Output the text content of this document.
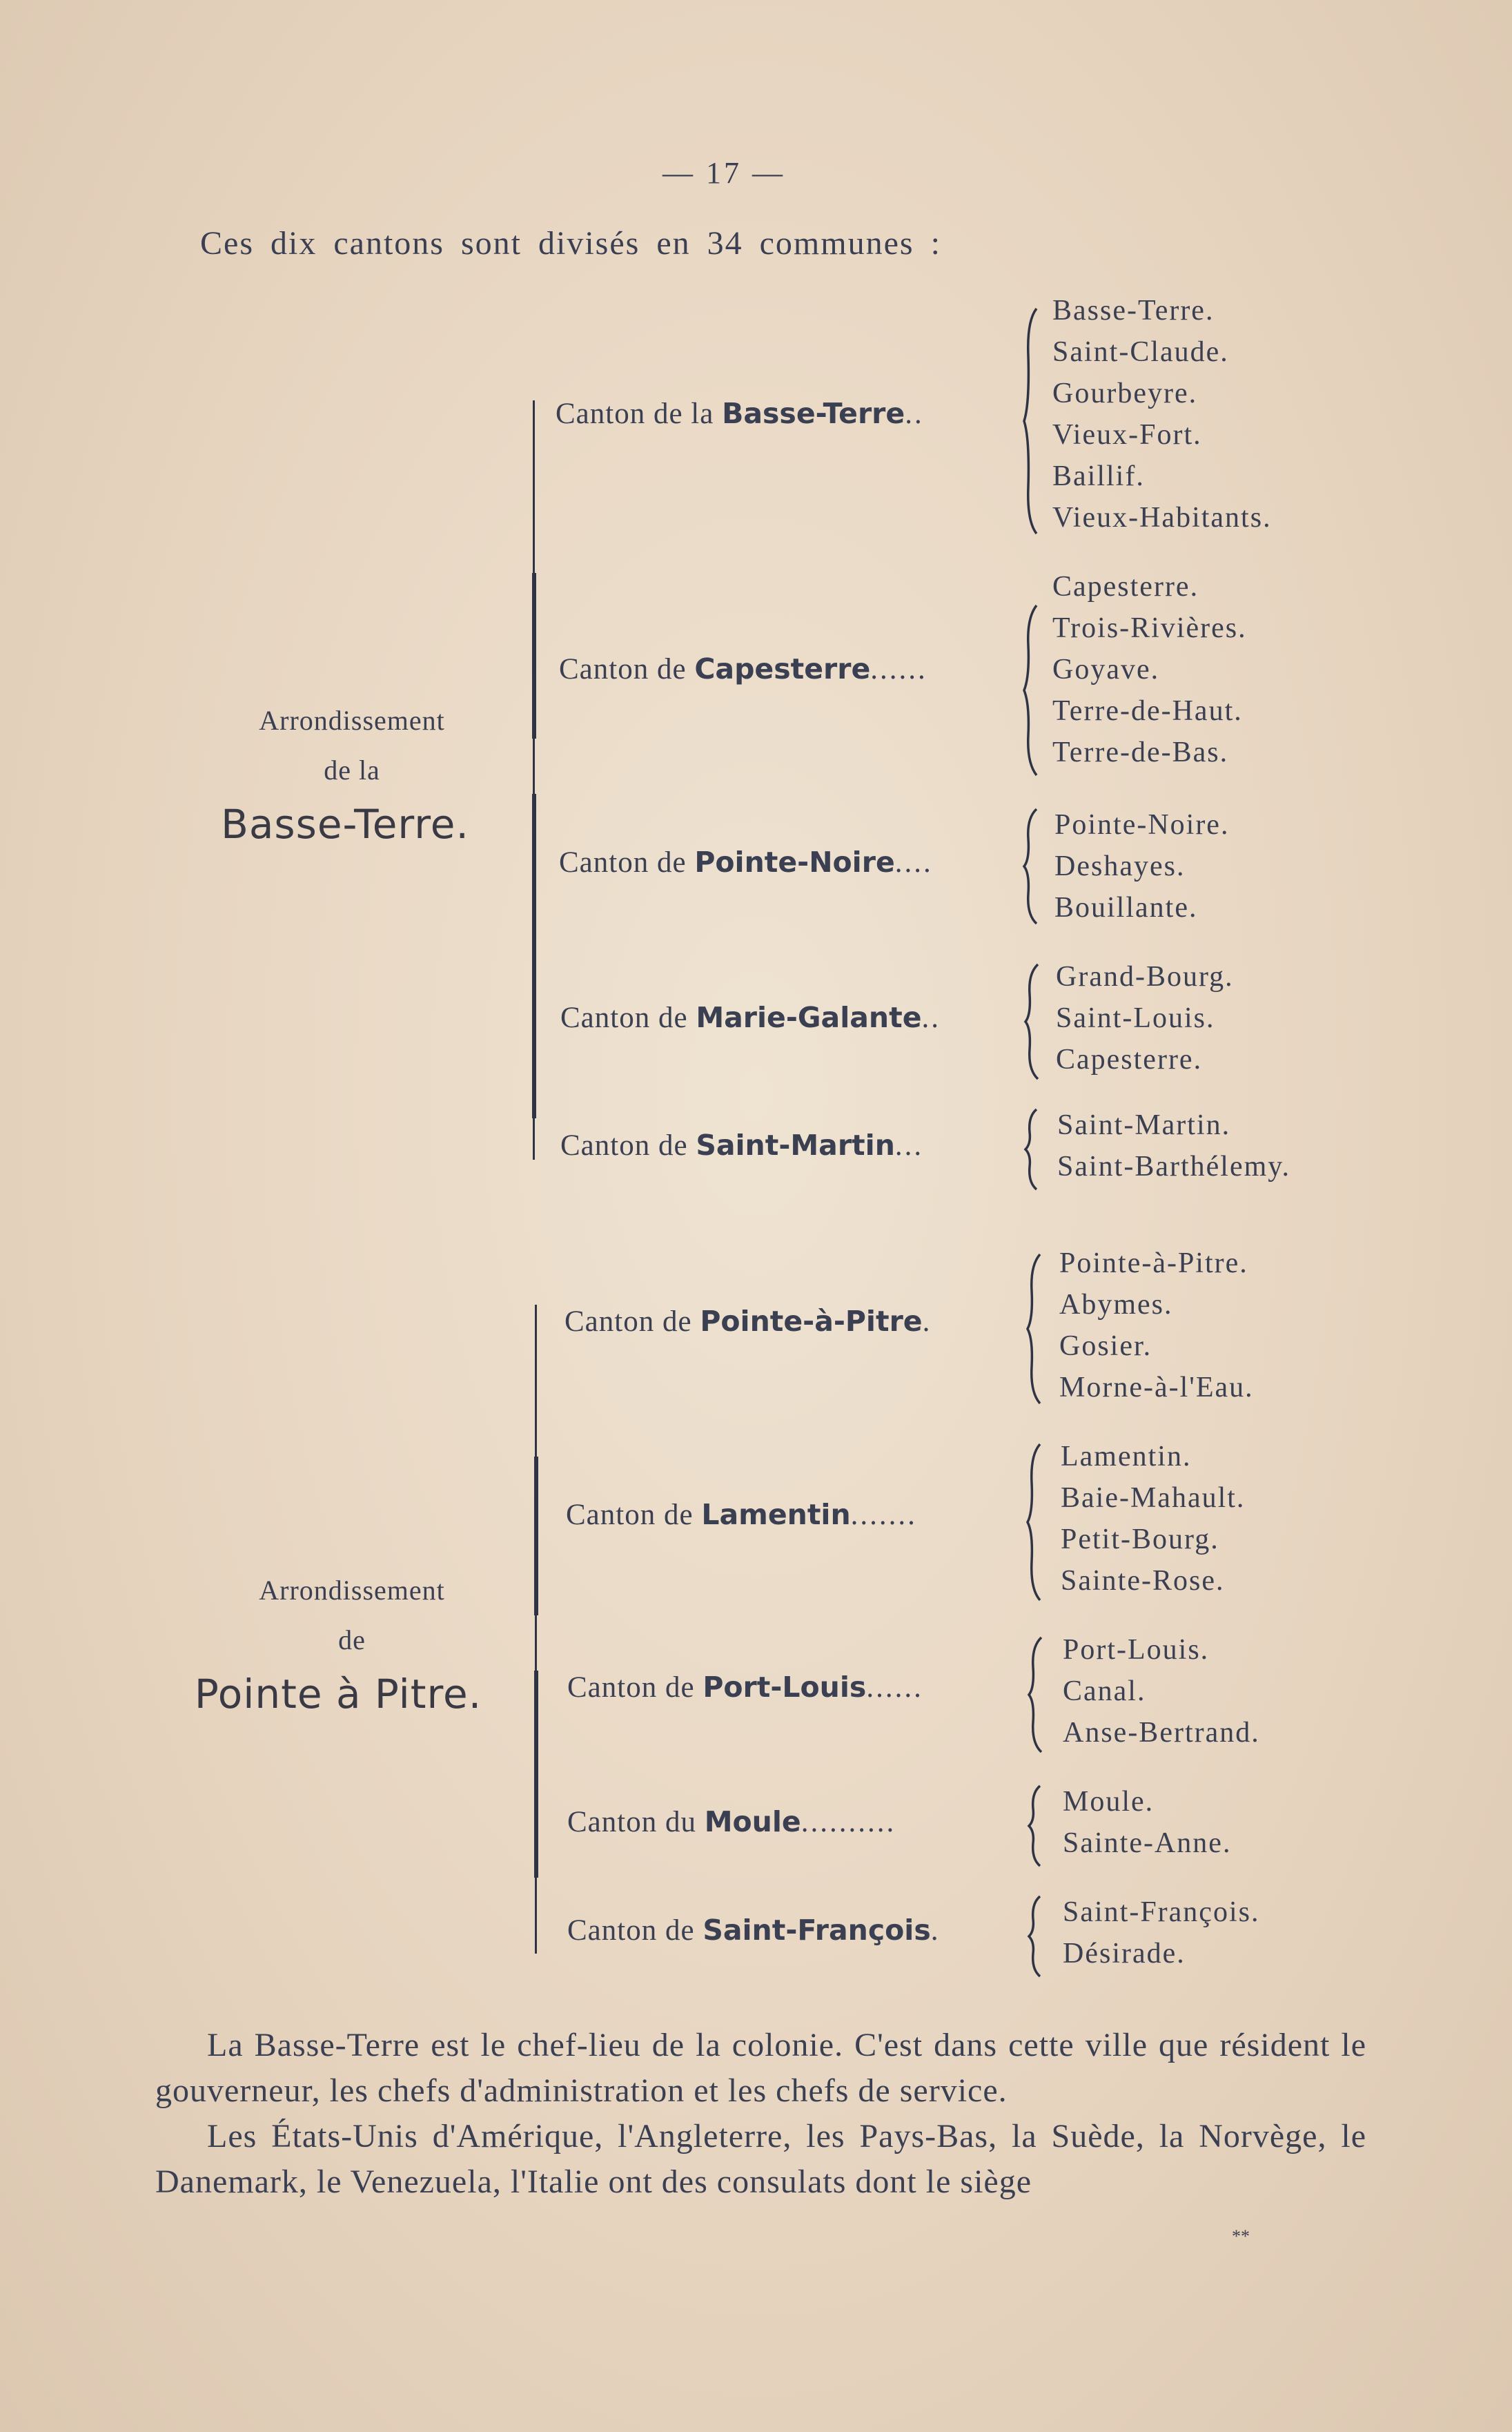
— 17 —
Ces dix cantons sont divisés en 34 communes :
Arrondissement
de la
Basse-Terre.
Canton de la Basse-Terre..
Basse-Terre.
Saint-Claude.
Gourbeyre.
Vieux-Fort.
Baillif.
Vieux-Habitants.
Canton de Capesterre......
Capesterre.
Trois-Rivières.
Goyave.
Terre-de-Haut.
Terre-de-Bas.
Canton de Pointe-Noire....
Pointe-Noire.
Deshayes.
Bouillante.
Canton de Marie-Galante..
Grand-Bourg.
Saint-Louis.
Capesterre.
Canton de Saint-Martin...
Saint-Martin.
Saint-Barthélemy.
Arrondissement
de
Pointe à Pitre.
Canton de Pointe-à-Pitre.
Pointe-à-Pitre.
Abymes.
Gosier.
Morne-à-l'Eau.
Canton de Lamentin.......
Lamentin.
Baie-Mahault.
Petit-Bourg.
Sainte-Rose.
Canton de Port-Louis......
Port-Louis.
Canal.
Anse-Bertrand.
Canton du Moule..........
Moule.
Sainte-Anne.
Canton de Saint-François.
Saint-François.
Désirade.

La Basse-Terre est le chef-lieu de la colonie. C'est dans cette ville que résident le gouverneur, les chefs d'administration et les chefs de service.

Les États-Unis d'Amérique, l'Angleterre, les Pays-Bas, la Suède, la Norvège, le Danemark, le Venezuela, l'Italie ont des consulats dont le siège

**
